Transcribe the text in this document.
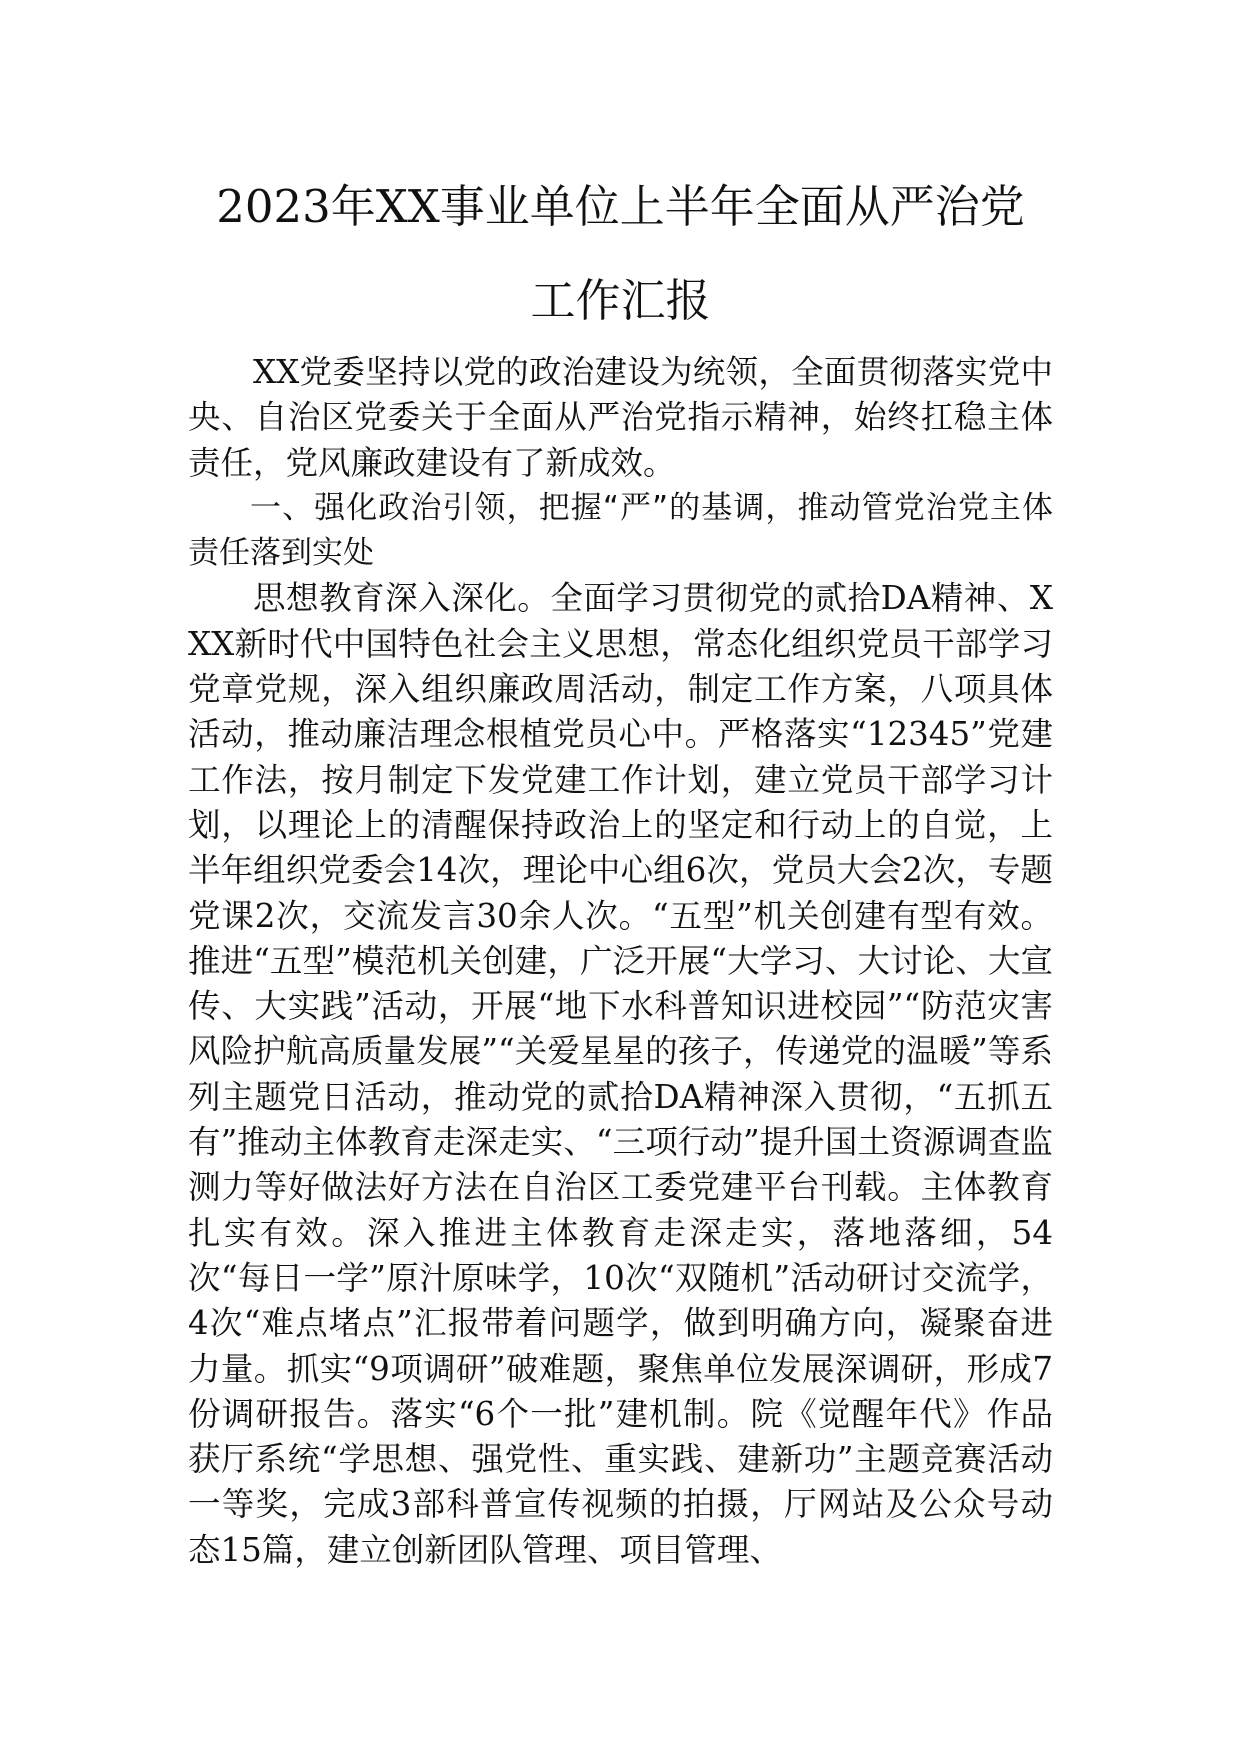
2023年XX事业单位上半年全面从严治党
工作汇报

XX党委坚持以党的政治建设为统领，全面贯彻落实党中央、自治区党委关于全面从严治党指示精神，始终扛稳主体责任，党风廉政建设有了新成效。

一、强化政治引领，把握“严”的基调，推动管党治党主体责任落到实处

思想教育深入深化。全面学习贯彻党的贰拾DA精神、XXX新时代中国特色社会主义思想，常态化组织党员干部学习党章党规，深入组织廉政周活动，制定工作方案，八项具体活动，推动廉洁理念根植党员心中。严格落实“12345”党建工作法，按月制定下发党建工作计划，建立党员干部学习计划，以理论上的清醒保持政治上的坚定和行动上的自觉，上半年组织党委会14次，理论中心组6次，党员大会2次，专题党课2次，交流发言30余人次。“五型”机关创建有型有效。推进“五型”模范机关创建，广泛开展“大学习、大讨论、大宣传、大实践”活动，开展“地下水科普知识进校园”“防范灾害风险护航高质量发展”“关爱星星的孩子，传递党的温暖”等系列主题党日活动，推动党的贰拾DA精神深入贯彻，“五抓五有”推动主体教育走深走实、“三项行动”提升国土资源调查监测力等好做法好方法在自治区工委党建平台刊载。主体教育扎实有效。深入推进主体教育走深走实，落地落细，54次“每日一学”原汁原味学，10次“双随机”活动研讨交流学，4次“难点堵点”汇报带着问题学，做到明确方向，凝聚奋进力量。抓实“9项调研”破难题，聚焦单位发展深调研，形成7份调研报告。落实“6个一批”建机制。院《觉醒年代》作品获厅系统“学思想、强党性、重实践、建新功”主题竞赛活动一等奖，完成3部科普宣传视频的拍摄，厅网站及公众号动态15篇，建立创新团队管理、项目管理、
